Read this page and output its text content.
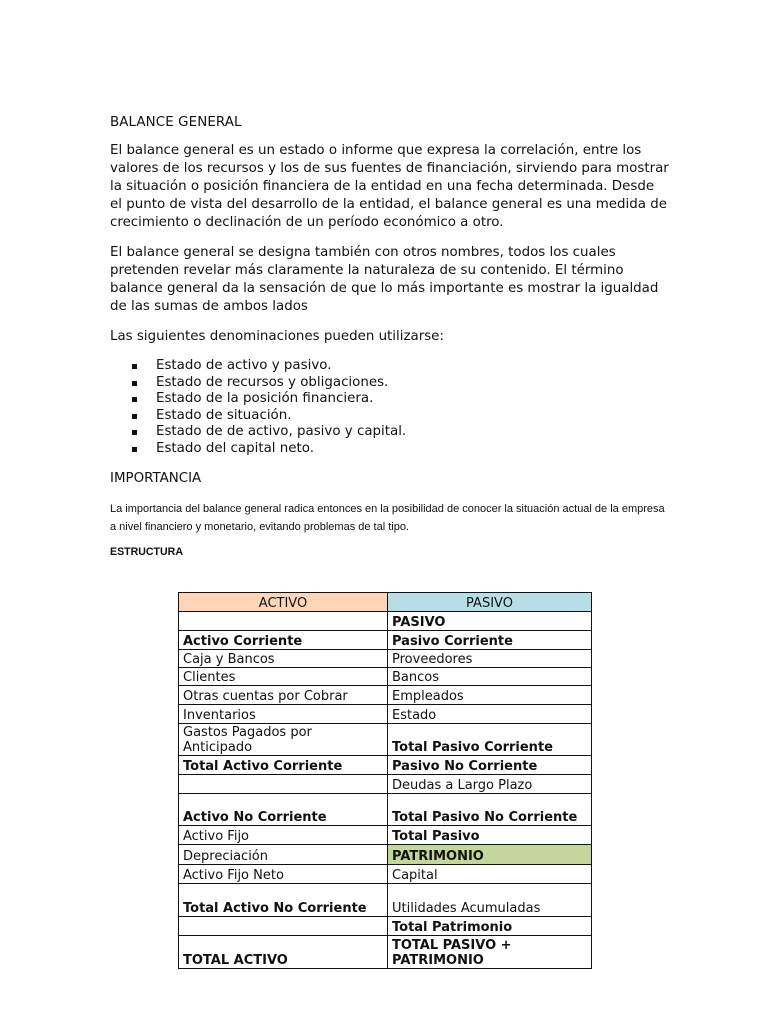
BALANCE GENERAL

El balance general es un estado o informe que expresa la correlación, entre los valores de los recursos y los de sus fuentes de financiación, sirviendo para mostrar la situación o posición financiera de la entidad en una fecha determinada. Desde el punto de vista del desarrollo de la entidad, el balance general es una medida de crecimiento o declinación de un período económico a otro.

El balance general se designa también con otros nombres, todos los cuales pretenden revelar más claramente la naturaleza de su contenido. El término balance general da la sensación de que lo más importante es mostrar la igualdad de las sumas de ambos lados

Las siguientes denominaciones pueden utilizarse:

Estado de activo y pasivo.
Estado de recursos y obligaciones.
Estado de la posición financiera.
Estado de situación.
Estado de de activo, pasivo y capital.
Estado del capital neto.
IMPORTANCIA

La importancia del balance general radica entonces en la posibilidad de conocer la situación actual de la empresa a nivel financiero y monetario, evitando problemas de tal tipo.

ESTRUCTURA
ACTIVO	PASIVO
	PASIVO
Activo Corriente	Pasivo Corriente
Caja y Bancos	Proveedores
Clientes	Bancos
Otras cuentas por Cobrar	Empleados
Inventarios	Estado
Gastos Pagados por Anticipado	Total Pasivo Corriente
Total Activo Corriente	Pasivo No Corriente
	Deudas a Largo Plazo
Activo No Corriente	Total Pasivo No Corriente
Activo Fijo	Total Pasivo
Depreciación	PATRIMONIO
Activo Fijo Neto	Capital
Total Activo No Corriente	Utilidades Acumuladas
	Total Patrimonio
TOTAL ACTIVO	TOTAL PASIVO + PATRIMONIO
